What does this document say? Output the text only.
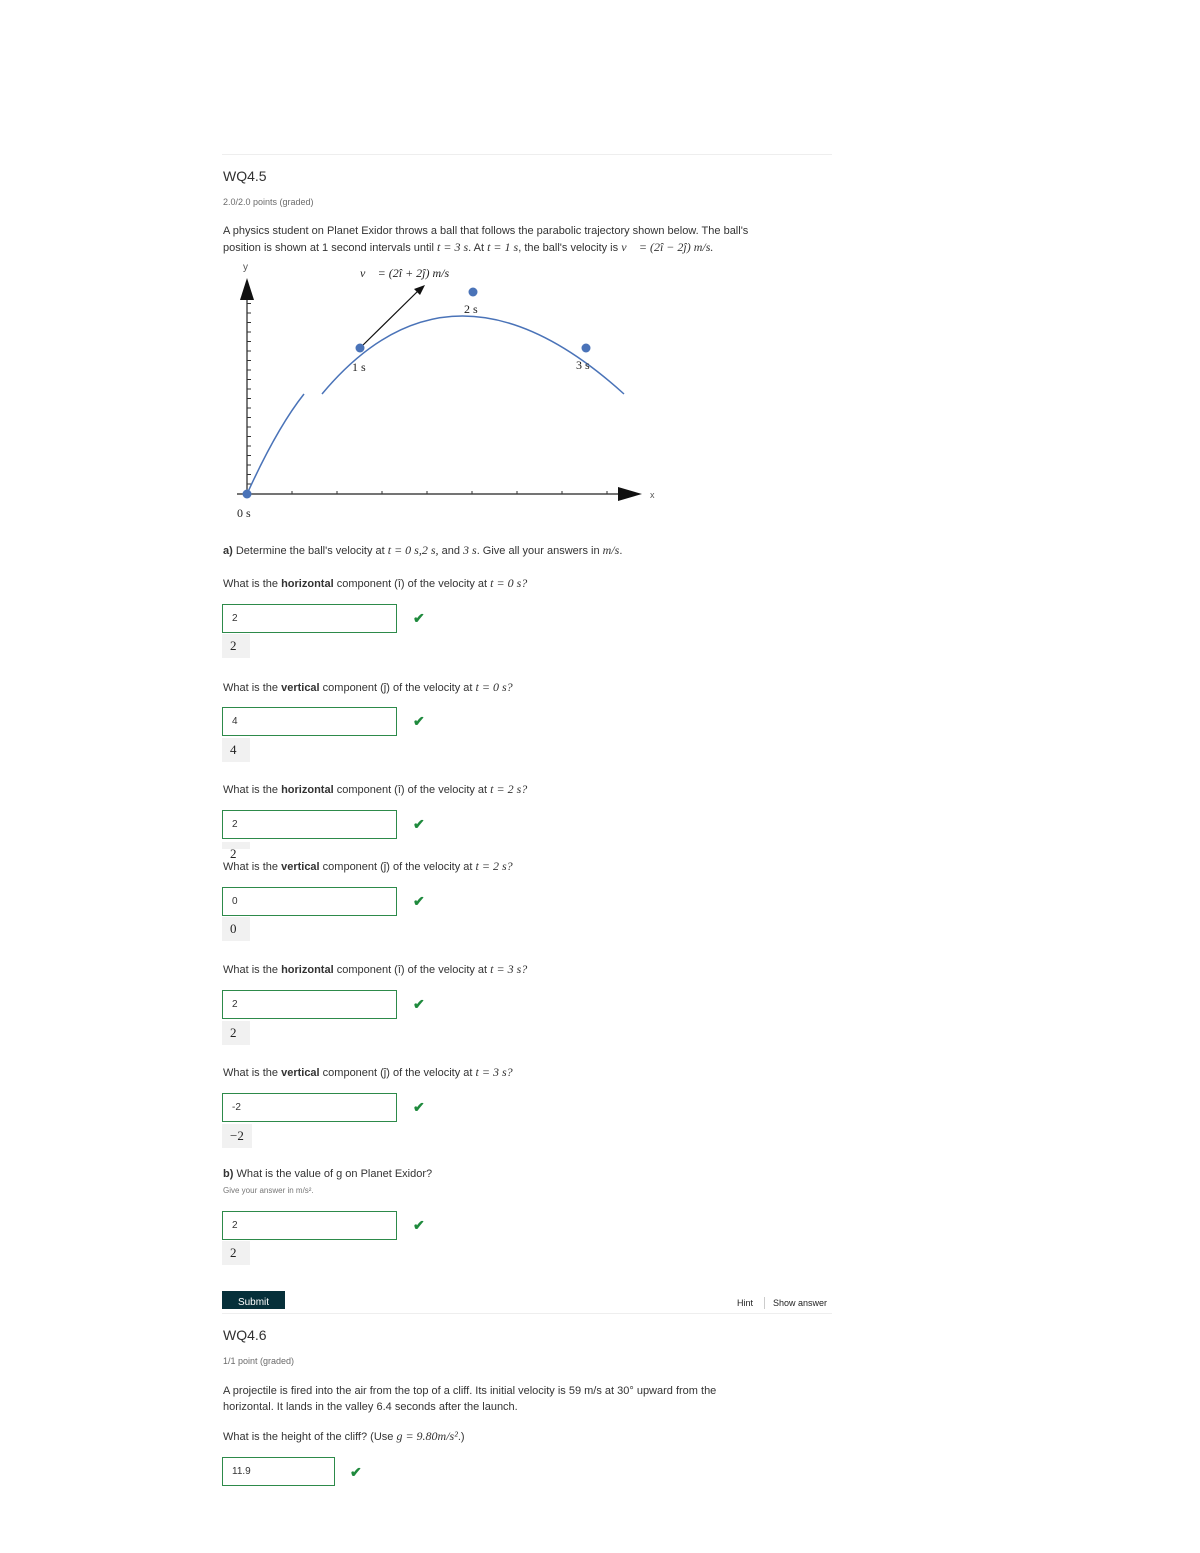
WQ4.5
2.0/2.0 points (graded)
A physics student on Planet Exidor throws a ball that follows the parabolic trajectory shown below. The ball's
position is shown at 1 second intervals until t = 3 s. At t = 1 s, the ball's velocity is v⃗ = (2î − 2ĵ) m/s.
y
x
v⃗ = (2î + 2ĵ) m/s
0 s
1 s
2 s
3 s
a) Determine the ball's velocity at t = 0 s,2 s, and 3 s. Give all your answers in m/s.
What is the horizontal component (î) of the velocity at t = 0 s?
2	✔
2
What is the vertical component (ĵ) of the velocity at t = 0 s?
4	✔
4
What is the horizontal component (î) of the velocity at t = 2 s?
2	✔
2
What is the vertical component (ĵ) of the velocity at t = 2 s?
0	✔
0
What is the horizontal component (î) of the velocity at t = 3 s?
2	✔
2
What is the vertical component (ĵ) of the velocity at t = 3 s?
-2	✔
−2
b) What is the value of g on Planet Exidor?
Give your answer in m/s².
2	✔
2
Submit	Hint Show answer
WQ4.6
1/1 point (graded)
A projectile is fired into the air from the top of a cliff. Its initial velocity is 59 m/s at 30° upward from the
horizontal. It lands in the valley 6.4 seconds after the launch.
What is the height of the cliff? (Use g = 9.80m/s².)
11.9	✔
